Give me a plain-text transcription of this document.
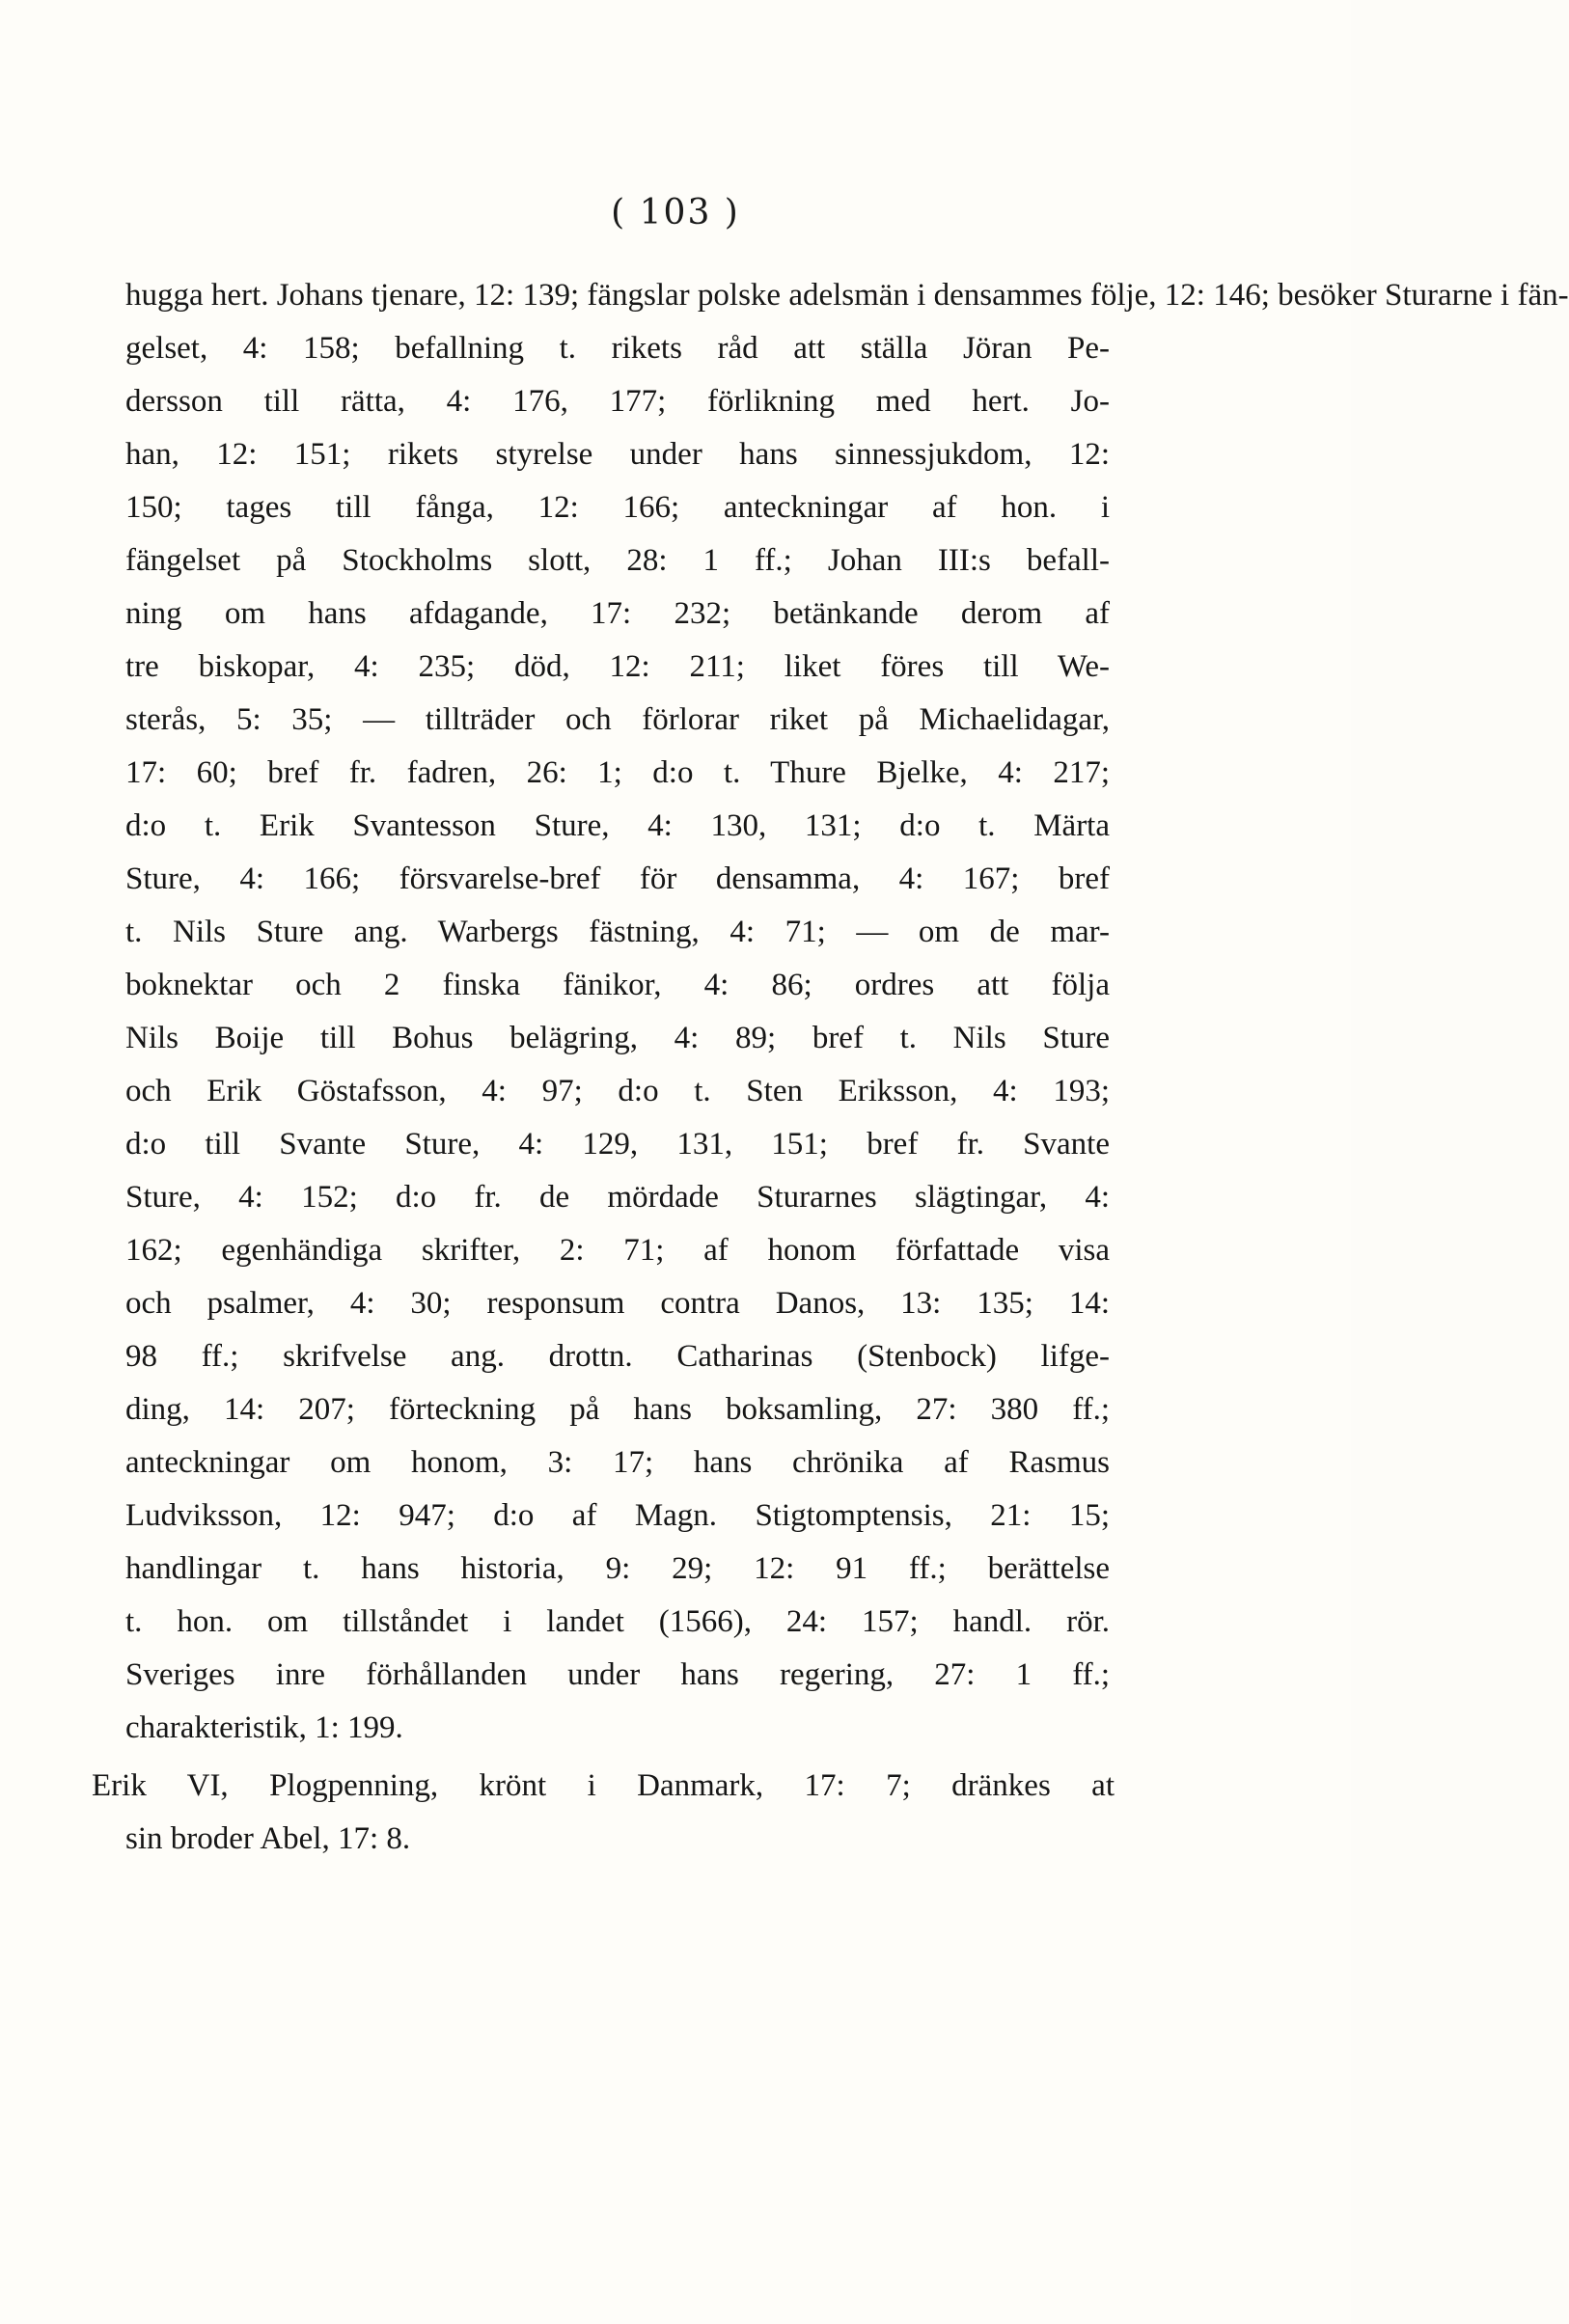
( 103 )
hugga hert. Johans tjenare, 12: 139; fängslar polske adelsmän i densammes följe, 12: 146; besöker Sturarne i fän-
gelset, 4: 158; befallning t. rikets råd att ställa Jöran Pe-
dersson till rätta, 4: 176, 177; förlikning med hert. Jo-
han, 12: 151; rikets styrelse under hans sinnessjukdom, 12:
150; tages till fånga, 12: 166; anteckningar af hon. i
fängelset på Stockholms slott, 28: 1 ff.; Johan III:s befall-
ning om hans afdagande, 17: 232; betänkande derom af
tre biskopar, 4: 235; död, 12: 211; liket föres till We-
sterås, 5: 35; — tillträder och förlorar riket på Michaelidagar,
17: 60; bref fr. fadren, 26: 1; d:o t. Thure Bjelke, 4: 217;
d:o t. Erik Svantesson Sture, 4: 130, 131; d:o t. Märta
Sture, 4: 166; försvarelse-bref för densamma, 4: 167; bref
t. Nils Sture ang. Warbergs fästning, 4: 71; — om de mar-
boknektar och 2 finska fänikor, 4: 86; ordres att följa
Nils Boije till Bohus belägring, 4: 89; bref t. Nils Sture
och Erik Göstafsson, 4: 97; d:o t. Sten Eriksson, 4: 193;
d:o till Svante Sture, 4: 129, 131, 151; bref fr. Svante
Sture, 4: 152; d:o fr. de mördade Sturarnes slägtingar, 4:
162; egenhändiga skrifter, 2: 71; af honom författade visa
och psalmer, 4: 30; responsum contra Danos, 13: 135; 14:
98 ff.; skrifvelse ang. drottn. Catharinas (Stenbock) lifge-
ding, 14: 207; förteckning på hans boksamling, 27: 380 ff.;
anteckningar om honom, 3: 17; hans chrönika af Rasmus
Ludviksson, 12: 947; d:o af Magn. Stigtomptensis, 21: 15;
handlingar t. hans historia, 9: 29; 12: 91 ff.; berättelse
t. hon. om tillståndet i landet (1566), 24: 157; handl. rör.
Sveriges inre förhållanden under hans regering, 27: 1 ff.;
charakteristik, 1: 199.
Erik VI, Plogpenning, krönt i Danmark, 17: 7; dränkes at
sin broder Abel, 17: 8.
